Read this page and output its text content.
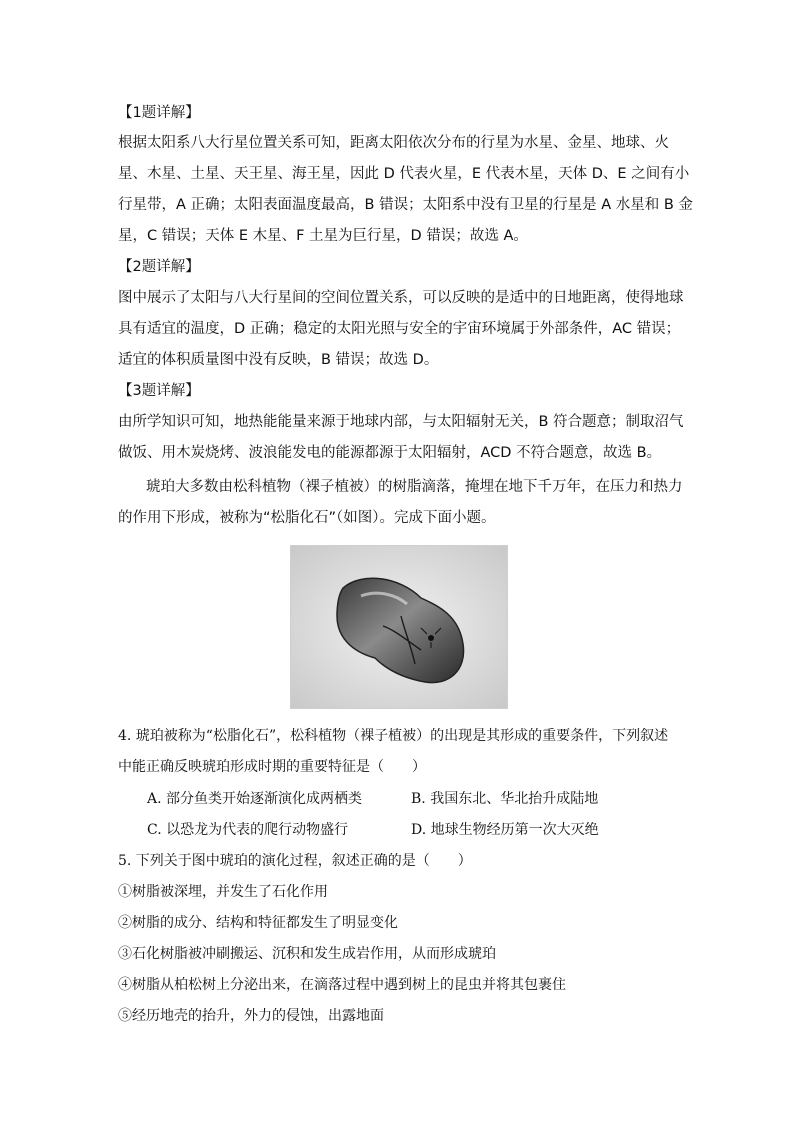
【1题详解】
根据太阳系八大行星位置关系可知，距离太阳依次分布的行星为水星、金星、地球、火
星、木星、土星、天王星、海王星，因此 D 代表火星，E 代表木星，天体 D、E 之间有小
行星带，A 正确；太阳表面温度最高，B 错误；太阳系中没有卫星的行星是 A 水星和 B 金
星，C 错误；天体 E 木星、F 土星为巨行星，D 错误；故选 A。
【2题详解】
图中展示了太阳与八大行星间的空间位置关系，可以反映的是适中的日地距离，使得地球
具有适宜的温度，D 正确；稳定的太阳光照与安全的宇宙环境属于外部条件，AC 错误；
适宜的体积质量图中没有反映，B 错误；故选 D。
【3题详解】
由所学知识可知，地热能能量来源于地球内部，与太阳辐射无关，B 符合题意；制取沼气
做饭、用木炭烧烤、波浪能发电的能源都源于太阳辐射，ACD 不符合题意，故选 B。
琥珀大多数由松科植物（裸子植被）的树脂滴落，掩埋在地下千万年，在压力和热力
的作用下形成，被称为“松脂化石”（如图）。完成下面小题。
4. 琥珀被称为“松脂化石”，松科植物（裸子植被）的出现是其形成的重要条件，下列叙述
中能正确反映琥珀形成时期的重要特征是（　　）
A. 部分鱼类开始逐渐演化成两栖类	B. 我国东北、华北抬升成陆地
C. 以恐龙为代表的爬行动物盛行	D. 地球生物经历第一次大灭绝
5. 下列关于图中琥珀的演化过程，叙述正确的是（　　）
①树脂被深埋，并发生了石化作用
②树脂的成分、结构和特征都发生了明显变化
③石化树脂被冲刷搬运、沉积和发生成岩作用，从而形成琥珀
④树脂从柏松树上分泌出来，在滴落过程中遇到树上的昆虫并将其包裹住
⑤经历地壳的抬升，外力的侵蚀，出露地面
